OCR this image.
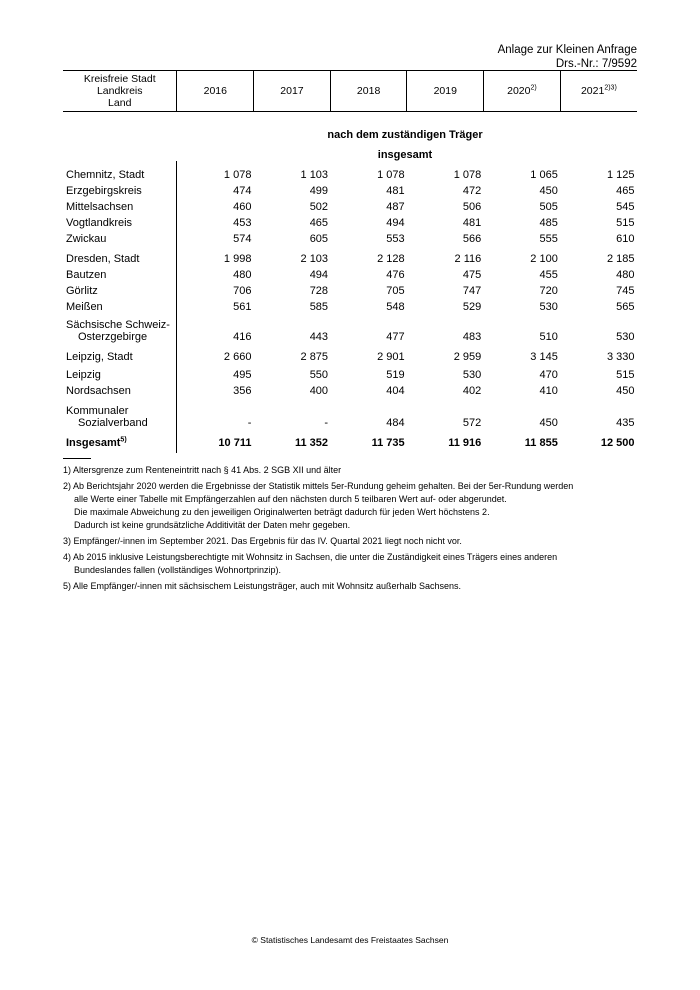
Anlage zur Kleinen Anfrage
Drs.-Nr.: 7/9592
Kreisfreie Stadt
Landkreis
Land
	2016	2017	2018	2019	2020$^{2)}$	$2021^{2)3)}$
nach dem zuständigen Träger
insgesamt
Chemnitz, Stadt	1 078	1 103	1 078	1 078	1 065	1 125

Erzgebirgskreis	474	499	481	472	450	465

Mittelsachsen	460	502	487	506	505	545

Vogtlandkreis	453	465	494	481	485	515

Zwickau	574	605	553	566	555	610

Dresden, Stadt	1 998	2 103	2 128	2 116	2 100	2 185

Bautzen	480	494	476	475	455	480

Görlitz	706	728	705	747	720	745

Meißen	561	585	548	529	530	565

Sächsische Schweiz-
Osterzgebirge	416	443	477	483	510	530

Leipzig, Stadt	2 660	2 875	2 901	2 959	3 145	3 330

Leipzig	495	550	519	530	470	515

Nordsachsen	356	400	404	402	410	450

Kommunaler
Sozialverband	-	-	484	572	450	435
Insgesamt$^{5)}$	10 711	11 352	11 735	11 916	11 855	12 500

1) Altersgrenze zum Renteneintritt nach § 41 Abs. 2 SGB XII und älter

2) Ab Berichtsjahr 2020 werden die Ergebnisse der Statistik mittels 5er-Rundung geheim gehalten. Bei der 5er-Rundung werden

alle Werte einer Tabelle mit Empfängerzahlen auf den nächsten durch 5 teilbaren Wert auf- oder abgerundet.

Die maximale Abweichung zu den jeweiligen Originalwerten beträgt dadurch für jeden Wert höchstens 2.

Dadurch ist keine grundsätzliche Additivität der Daten mehr gegeben.

3) Empfänger/-innen im September 2021. Das Ergebnis für das IV. Quartal 2021 liegt noch nicht vor.

4) Ab 2015 inklusive Leistungsberechtigte mit Wohnsitz in Sachsen, die unter die Zuständigkeit eines Trägers eines anderen

Bundeslandes fallen (vollständiges Wohnortprinzip).

5) Alle Empfänger/-innen mit sächsischem Leistungsträger, auch mit Wohnsitz außerhalb Sachsens.

© Statistisches Landesamt des Freistaates Sachsen
